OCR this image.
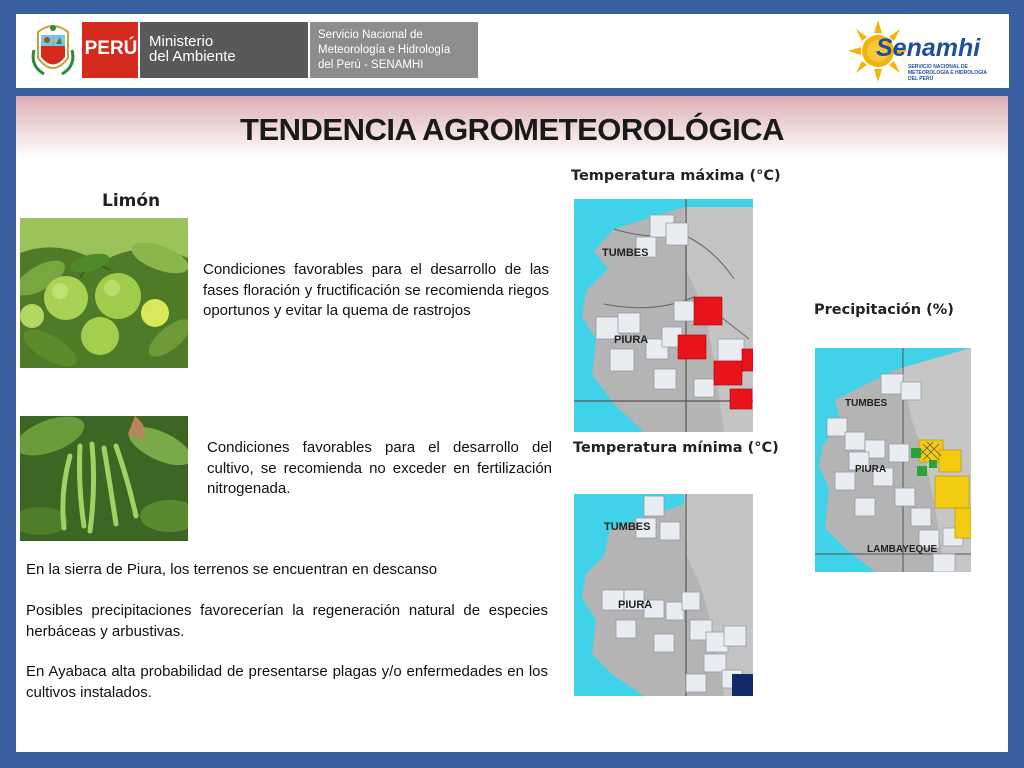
PERÚ Ministerio
del Ambiente
Servicio Nacional de
Meteorología e Hidrología
del Perú - SENAMHI
Senamhi
SERVICIO NACIONAL DE METEOROLOGÍA E HIDROLOGÍA DEL PERÚ
TENDENCIA AGROMETEOROLÓGICA
Limón
Condiciones favorables para el desarrollo de las fases floración y fructificación se recomienda riegos oportunos y evitar la quema de rastrojos
Condiciones favorables para el desarrollo del cultivo, se recomienda no exceder en fertilización nitrogenada.
En la sierra de Piura, los terrenos se encuentran en descanso
Posibles precipitaciones favorecerían la regeneración natural de especies herbáceas y arbustivas.
En Ayabaca alta probabilidad de presentarse plagas y/o enfermedades en los cultivos instalados.
Temperatura máxima (°C)
Precipitación (%)
Temperatura mínima (°C)
TUMBES
PIURA
TUMBES
PIURA
LAMBAYEQUE
TUMBES
PIURA
